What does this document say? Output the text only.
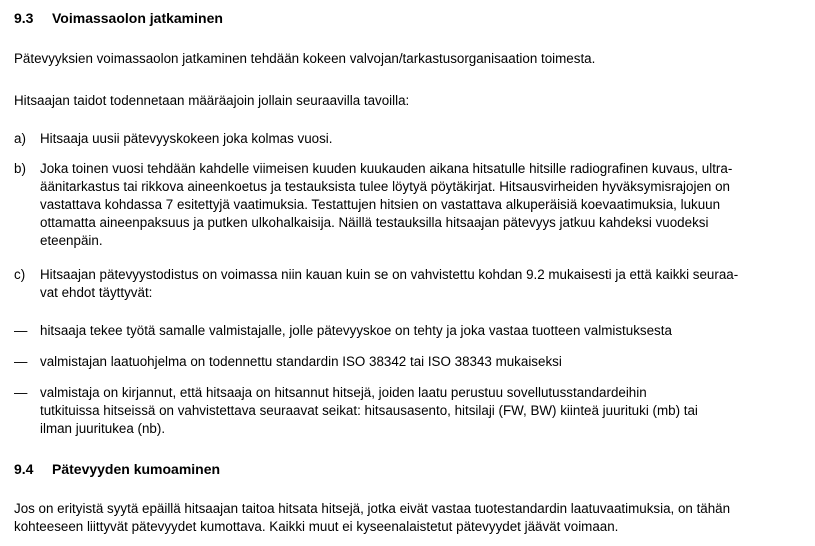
9.3 Voimassaolon jatkaminen
Pätevyyksien voimassaolon jatkaminen tehdään kokeen valvojan/tarkastusorganisaation toimesta.
Hitsaajan taidot todennetaan määräajoin jollain seuraavilla tavoilla:
a)	Hitsaaja uusii pätevyyskokeen joka kolmas vuosi.
b)	Joka toinen vuosi tehdään kahdelle viimeisen kuuden kuukauden aikana hitsatulle hitsille radiografinen kuvaus, ultra-
äänitarkastus tai rikkova aineenkoetus ja testauksista tulee löytyä pöytäkirjat. Hitsausvirheiden hyväksymisrajojen on
vastattava kohdassa 7 esitettyjä vaatimuksia. Testattujen hitsien on vastattava alkuperäisiä koevaatimuksia, lukuun
ottamatta aineenpaksuus ja putken ulkohalkaisija. Näillä testauksilla hitsaajan pätevyys jatkuu kahdeksi vuodeksi
eteenpäin.
c)	Hitsaajan pätevyystodistus on voimassa niin kauan kuin se on vahvistettu kohdan 9.2 mukaisesti ja että kaikki seuraa-
vat ehdot täyttyvät:
— hitsaaja tekee työtä samalle valmistajalle, jolle pätevyyskoe on tehty ja joka vastaa tuotteen valmistuksesta
— valmistajan laatuohjelma on todennettu standardin ISO 38342 tai ISO 38343 mukaiseksi
— valmistaja on kirjannut, että hitsaaja on hitsannut hitsejä, joiden laatu perustuu sovellutusstandardeihin
tutkituissa hitseissä on vahvistettava seuraavat seikat: hitsausasento, hitsilaji (FW, BW) kiinteä juurituki (mb) tai
ilman juuritukea (nb).
9.4 Pätevyyden kumoaminen
Jos on erityistä syytä epäillä hitsaajan taitoa hitsata hitsejä, jotka eivät vastaa tuotestandardin laatuvaatimuksia, on tähän
kohteeseen liittyvät pätevyydet kumottava. Kaikki muut ei kyseenalaistetut pätevyydet jäävät voimaan.
